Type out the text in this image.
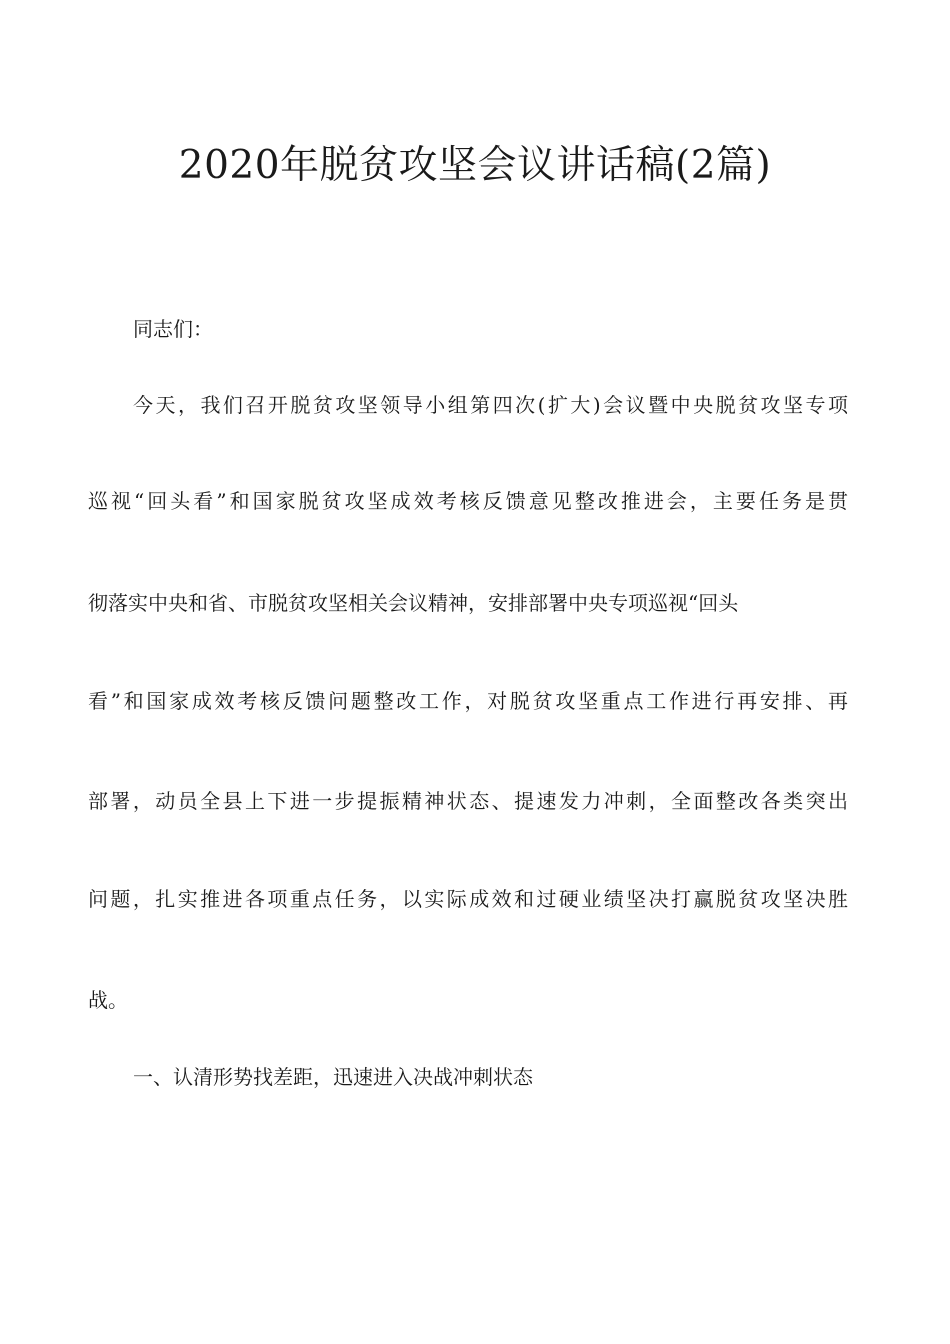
2020年脱贫攻坚会议讲话稿(2篇)
同志们：
今天，我们召开脱贫攻坚领导小组第四次(扩大)会议暨中央脱贫攻坚专项
巡视“回头看”和国家脱贫攻坚成效考核反馈意见整改推进会，主要任务是贯
彻落实中央和省、市脱贫攻坚相关会议精神，安排部署中央专项巡视“回头
看”和国家成效考核反馈问题整改工作，对脱贫攻坚重点工作进行再安排、再
部署，动员全县上下进一步提振精神状态、提速发力冲刺，全面整改各类突出
问题，扎实推进各项重点任务，以实际成效和过硬业绩坚决打赢脱贫攻坚决胜
战。
一、认清形势找差距，迅速进入决战冲刺状态
